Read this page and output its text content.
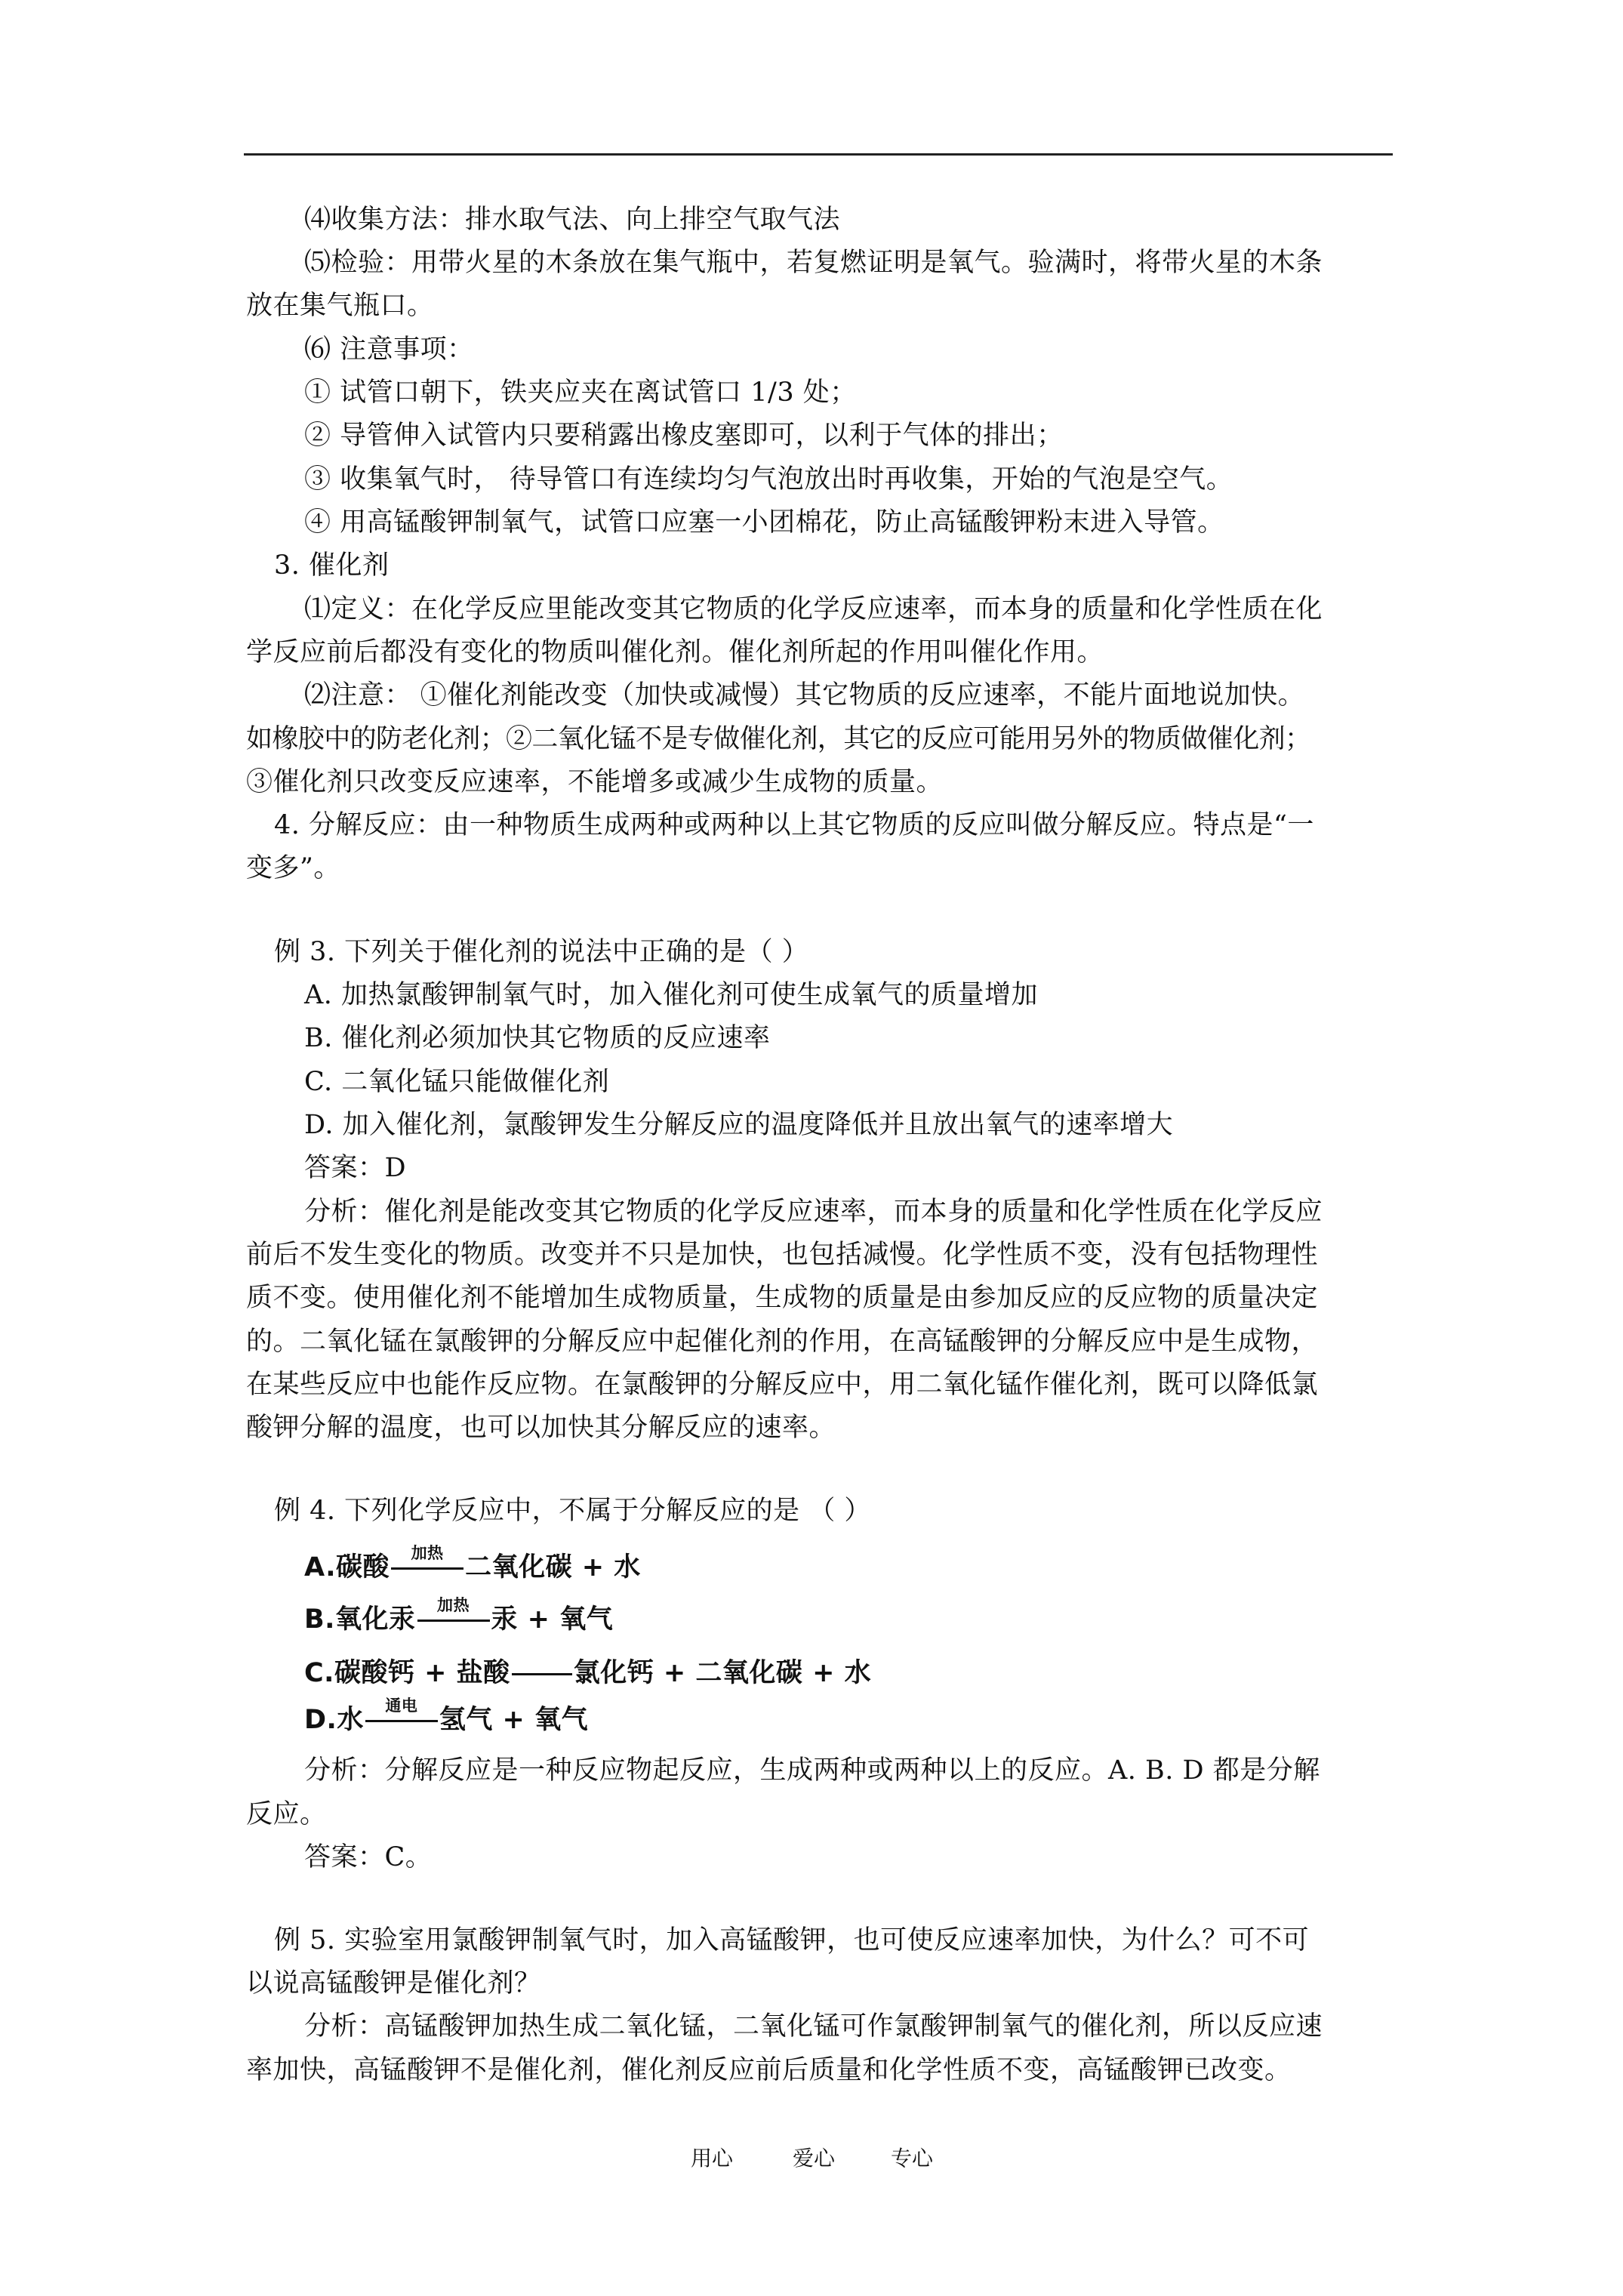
⑷收集方法：排水取气法、向上排空气取气法
⑸检验：用带火星的木条放在集气瓶中，若复燃证明是氧气。验满时，将带火星的木条
放在集气瓶口。
⑹ 注意事项：
① 试管口朝下，铁夹应夹在离试管口 1/3 处；
② 导管伸入试管内只要稍露出橡皮塞即可，以利于气体的排出；
③ 收集氧气时， 待导管口有连续均匀气泡放出时再收集，开始的气泡是空气。
④ 用高锰酸钾制氧气，试管口应塞一小团棉花，防止高锰酸钾粉末进入导管。
3. 催化剂
⑴定义：在化学反应里能改变其它物质的化学反应速率，而本身的质量和化学性质在化
学反应前后都没有变化的物质叫催化剂。催化剂所起的作用叫催化作用。
⑵注意： ①催化剂能改变（加快或减慢）其它物质的反应速率，不能片面地说加快。
如橡胶中的防老化剂；②二氧化锰不是专做催化剂，其它的反应可能用另外的物质做催化剂；
③催化剂只改变反应速率，不能增多或减少生成物的质量。
4. 分解反应：由一种物质生成两种或两种以上其它物质的反应叫做分解反应。特点是“一
变多”。
例 3. 下列关于催化剂的说法中正确的是（ ）
A. 加热氯酸钾制氧气时，加入催化剂可使生成氧气的质量增加
B. 催化剂必须加快其它物质的反应速率
C. 二氧化锰只能做催化剂
D. 加入催化剂，氯酸钾发生分解反应的温度降低并且放出氧气的速率增大
答案：D
分析：催化剂是能改变其它物质的化学反应速率，而本身的质量和化学性质在化学反应
前后不发生变化的物质。改变并不只是加快，也包括减慢。化学性质不变，没有包括物理性
质不变。使用催化剂不能增加生成物质量，生成物的质量是由参加反应的反应物的质量决定
的。二氧化锰在氯酸钾的分解反应中起催化剂的作用，在高锰酸钾的分解反应中是生成物，
在某些反应中也能作反应物。在氯酸钾的分解反应中，用二氧化锰作催化剂，既可以降低氯
酸钾分解的温度，也可以加快其分解反应的速率。
例 4. 下列化学反应中，不属于分解反应的是 （ ）
A.碳酸	加热 二氧化碳 + 水
B.氧化汞	加热 汞 + 氧气
C.碳酸钙 + 盐酸 氯化钙 + 二氧化碳 + 水
D.水	通电 氢气 + 氧气
分析：分解反应是一种反应物起反应，生成两种或两种以上的反应。A. B. D 都是分解
反应。
答案：C。
例 5. 实验室用氯酸钾制氧气时，加入高锰酸钾，也可使反应速率加快，为什么？可不可
以说高锰酸钾是催化剂？
分析：高锰酸钾加热生成二氧化锰，二氧化锰可作氯酸钾制氧气的催化剂，所以反应速
率加快，高锰酸钾不是催化剂，催化剂反应前后质量和化学性质不变，高锰酸钾已改变。
用心	爱心	专心
